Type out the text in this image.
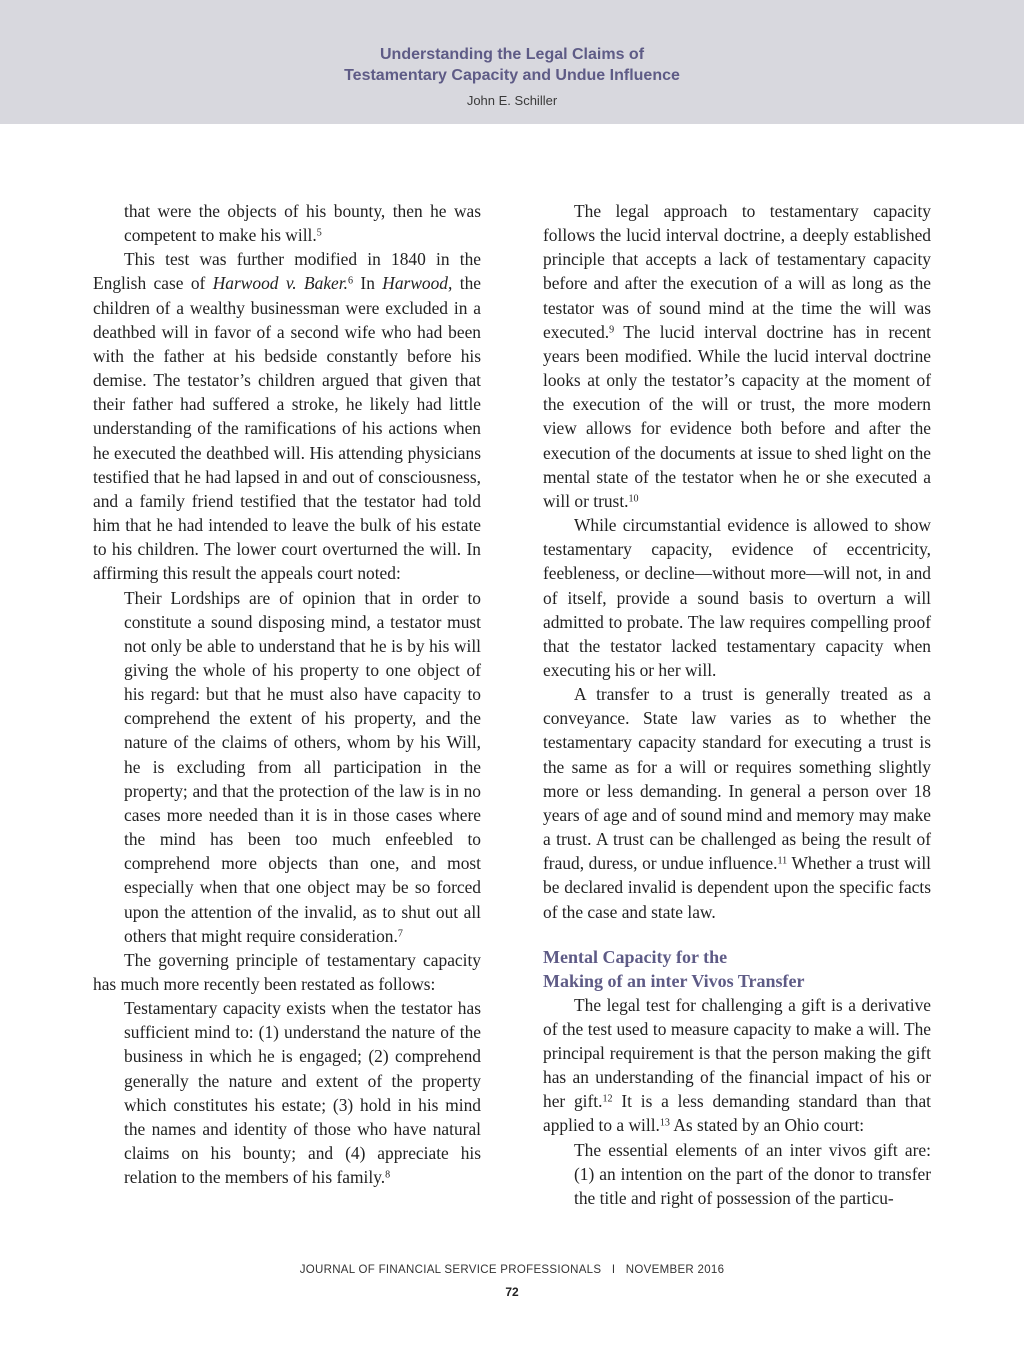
Understanding the Legal Claims of
Testamentary Capacity and Undue Influence
John E. Schiller

that were the objects of his bounty, then he was competent to make his will.$^5$

This test was further modified in 1840 in the English case of Harwood v. Baker.$^6$ In Harwood, the children of a wealthy businessman were excluded in a deathbed will in favor of a second wife who had been with the father at his bedside constantly before his demise. The testator’s children argued that given that their father had suffered a stroke, he likely had little understanding of the ramifications of his actions when he executed the deathbed will. His attending physicians testified that he had lapsed in and out of consciousness, and a family friend testified that the testator had told him that he had intended to leave the bulk of his estate to his children. The lower court overturned the will. In affirming this result the appeals court noted:

Their Lordships are of opinion that in order to constitute a sound disposing mind, a testator must not only be able to understand that he is by his will giving the whole of his property to one object of his regard: but that he must also have capacity to comprehend the extent of his property, and the nature of the claims of others, whom by his Will, he is excluding from all participation in the property; and that the protection of the law is in no cases more needed than it is in those cases where the mind has been too much enfeebled to comprehend more objects than one, and most especially when that one object may be so forced upon the attention of the invalid, as to shut out all others that might require consideration.$^7$

The governing principle of testamentary capacity has much more recently been restated as follows:

Testamentary capacity exists when the testator has sufficient mind to: (1) understand the nature of the business in which he is engaged; (2) comprehend generally the nature and extent of the property which constitutes his estate; (3) hold in his mind the names and identity of those who have natural claims on his bounty; and (4) appreciate his relation to the members of his family.$^8$

The legal approach to testamentary capacity follows the lucid interval doctrine, a deeply established principle that accepts a lack of testamentary capacity before and after the execution of a will as long as the testator was of sound mind at the time the will was executed.$^9$ The lucid interval doctrine has in recent years been modified. While the lucid interval doctrine looks at only the testator’s capacity at the moment of the execution of the will or trust, the more modern view allows for evidence both before and after the execution of the documents at issue to shed light on the mental state of the testator when he or she executed a will or trust.$^{10}$

While circumstantial evidence is allowed to show testamentary capacity, evidence of eccentricity, feebleness, or decline—without more—will not, in and of itself, provide a sound basis to overturn a will admitted to probate. The law requires compelling proof that the testator lacked testamentary capacity when executing his or her will.

A transfer to a trust is generally treated as a conveyance. State law varies as to whether the testamentary capacity standard for executing a trust is the same as for a will or requires something slightly more or less demanding. In general a person over 18 years of age and of sound mind and memory may make a trust. A trust can be challenged as being the result of fraud, duress, or undue influence.$^{11}$ Whether a trust will be declared invalid is dependent upon the specific facts of the case and state law.

Mental Capacity for the
Making of an inter Vivos Transfer

The legal test for challenging a gift is a derivative of the test used to measure capacity to make a will. The principal requirement is that the person making the gift has an understanding of the financial impact of his or her gift.$^{12}$ It is a less demanding standard than that applied to a will.$^{13}$ As stated by an Ohio court:

The essential elements of an inter vivos gift are: (1) an intention on the part of the donor to transfer the title and right of possession of the particu-

JOURNAL OF FINANCIAL SERVICE PROFESSIONALS   I   NOVEMBER 2016
72
